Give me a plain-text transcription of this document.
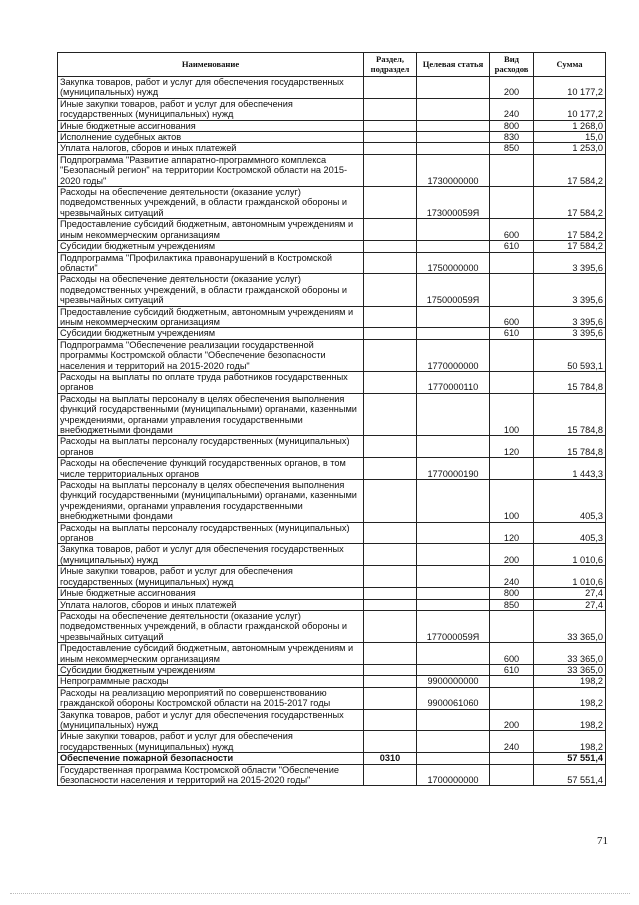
Наименование	Раздел, подраздел	Целевая статья	Вид расходов	Сумма
Закупка товаров, работ и услуг для обеспечения государственных (муниципальных) нужд			200	10 177,2
Иные закупки товаров, работ и услуг для обеспечения государственных (муниципальных) нужд			240	10 177,2
Иные бюджетные ассигнования			800	1 268,0
Исполнение судебных актов			830	15,0
Уплата налогов, сборов и иных платежей			850	1 253,0
Подпрограмма "Развитие аппаратно-программного комплекса "Безопасный регион" на территории Костромской области на 2015-2020 годы"		1730000000		17 584,2
Расходы на обеспечение деятельности (оказание услуг) подведомственных учреждений, в области гражданской обороны и чрезвычайных ситуаций		173000059Я		17 584,2
Предоставление субсидий бюджетным, автономным учреждениям и иным некоммерческим организациям			600	17 584,2
Субсидии бюджетным учреждениям			610	17 584,2
Подпрограмма "Профилактика правонарушений в Костромской области"		1750000000		3 395,6
Расходы на обеспечение деятельности (оказание услуг) подведомственных учреждений, в области гражданской обороны и чрезвычайных ситуаций		175000059Я		3 395,6
Предоставление субсидий бюджетным, автономным учреждениям и иным некоммерческим организациям			600	3 395,6
Субсидии бюджетным учреждениям			610	3 395,6
Подпрограмма "Обеспечение реализации государственной программы Костромской области "Обеспечение безопасности населения и территорий на 2015-2020 годы"		1770000000		50 593,1
Расходы на выплаты по оплате труда работников государственных органов		1770000110		15 784,8
Расходы на выплаты персоналу в целях обеспечения выполнения функций государственными (муниципальными) органами, казенными учреждениями, органами управления государственными внебюджетными фондами			100	15 784,8
Расходы на выплаты персоналу государственных (муниципальных) органов			120	15 784,8
Расходы на обеспечение функций государственных органов, в том числе территориальных органов		1770000190		1 443,3
Расходы на выплаты персоналу в целях обеспечения выполнения функций государственными (муниципальными) органами, казенными учреждениями, органами управления государственными внебюджетными фондами			100	405,3
Расходы на выплаты персоналу государственных (муниципальных) органов			120	405,3
Закупка товаров, работ и услуг для обеспечения государственных (муниципальных) нужд			200	1 010,6
Иные закупки товаров, работ и услуг для обеспечения государственных (муниципальных) нужд			240	1 010,6
Иные бюджетные ассигнования			800	27,4
Уплата налогов, сборов и иных платежей			850	27,4
Расходы на обеспечение деятельности (оказание услуг) подведомственных учреждений, в области гражданской обороны и чрезвычайных ситуаций		177000059Я		33 365,0
Предоставление субсидий бюджетным, автономным учреждениям и иным некоммерческим организациям			600	33 365,0
Субсидии бюджетным учреждениям			610	33 365,0
Непрограммные расходы		9900000000		198,2
Расходы на реализацию мероприятий по совершенствованию гражданской обороны Костромской области на 2015-2017 годы		9900061060		198,2
Закупка товаров, работ и услуг для обеспечения государственных (муниципальных) нужд			200	198,2
Иные закупки товаров, работ и услуг для обеспечения государственных (муниципальных) нужд			240	198,2
Обеспечение пожарной безопасности	0310			57 551,4
Государственная программа Костромской области "Обеспечение безопасности населения и территорий на 2015-2020 годы"		1700000000		57 551,4
71
